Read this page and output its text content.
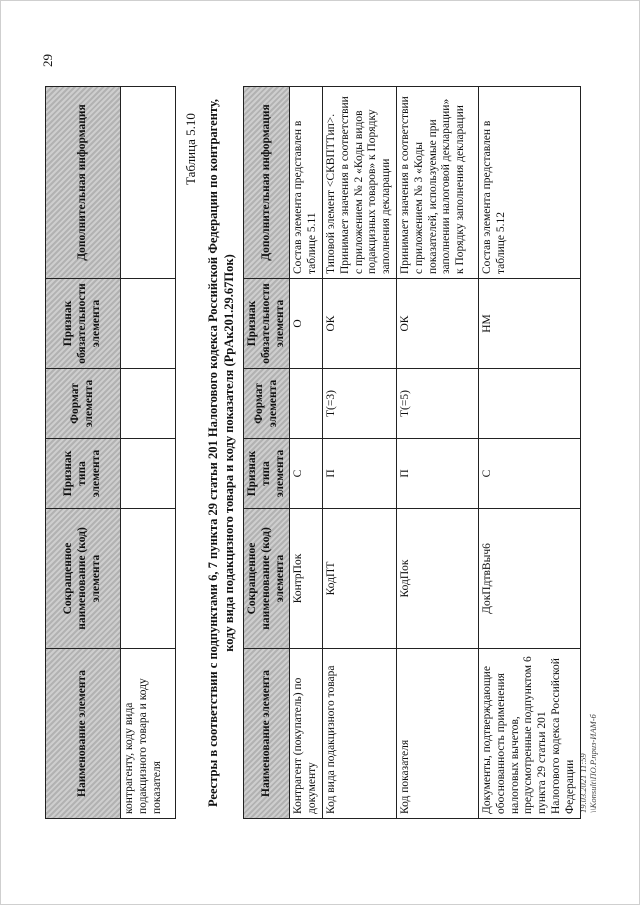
29
Наименование элемента	Сокращенное наименование (код) элемента	Признак типа элемента	Формат элемента	Признак обязательности элемента	Дополнительная информация
контрагенту, коду вида подакцизного товара и коду показателя					
Таблица 5.10 Реестры в соответствии с подпунктами 6, 7 пункта 29 статьи 201 Налогового кодекса Российской Федерации по контрагенту, коду вида подакцизного товара и коду показателя (РрАк201.29.67Пок)
Наименование элемента	Сокращенное наименование (код) элемента	Признак типа элемента	Формат элемента	Признак обязательности элемента	Дополнительная информация
Контрагент (покупатель) по документу	КонтрПок	С		О	Состав элемента представлен в таблице 5.11
Код вида подакцизного товара	КодПТ	П	T(=3)	ОК	Типовой элемент <СКВПТТип>. Принимает значения в соответствии с приложением № 2 «Коды видов подакцизных товаров» к Порядку заполнения декларации
Код показателя	КодПок	П	T(=5)	ОК	Принимает значения в соответствии с приложением № 3 «Коды показателей, используемые при заполнении налоговой декларации» к Порядку заполнения декларации
Документы, подтверждающие обоснованность применения налоговых вычетов, предусмотренные подпунктом 6 пункта 29 статьи 201 Налогового кодекса Российской Федерации	ДокПдтвВыч6	С		НМ	Состав элемента представлен в таблице 5.12
19.03.2021 11:59 \\Konsult\ПО.Р.приз-ИАМ-б
